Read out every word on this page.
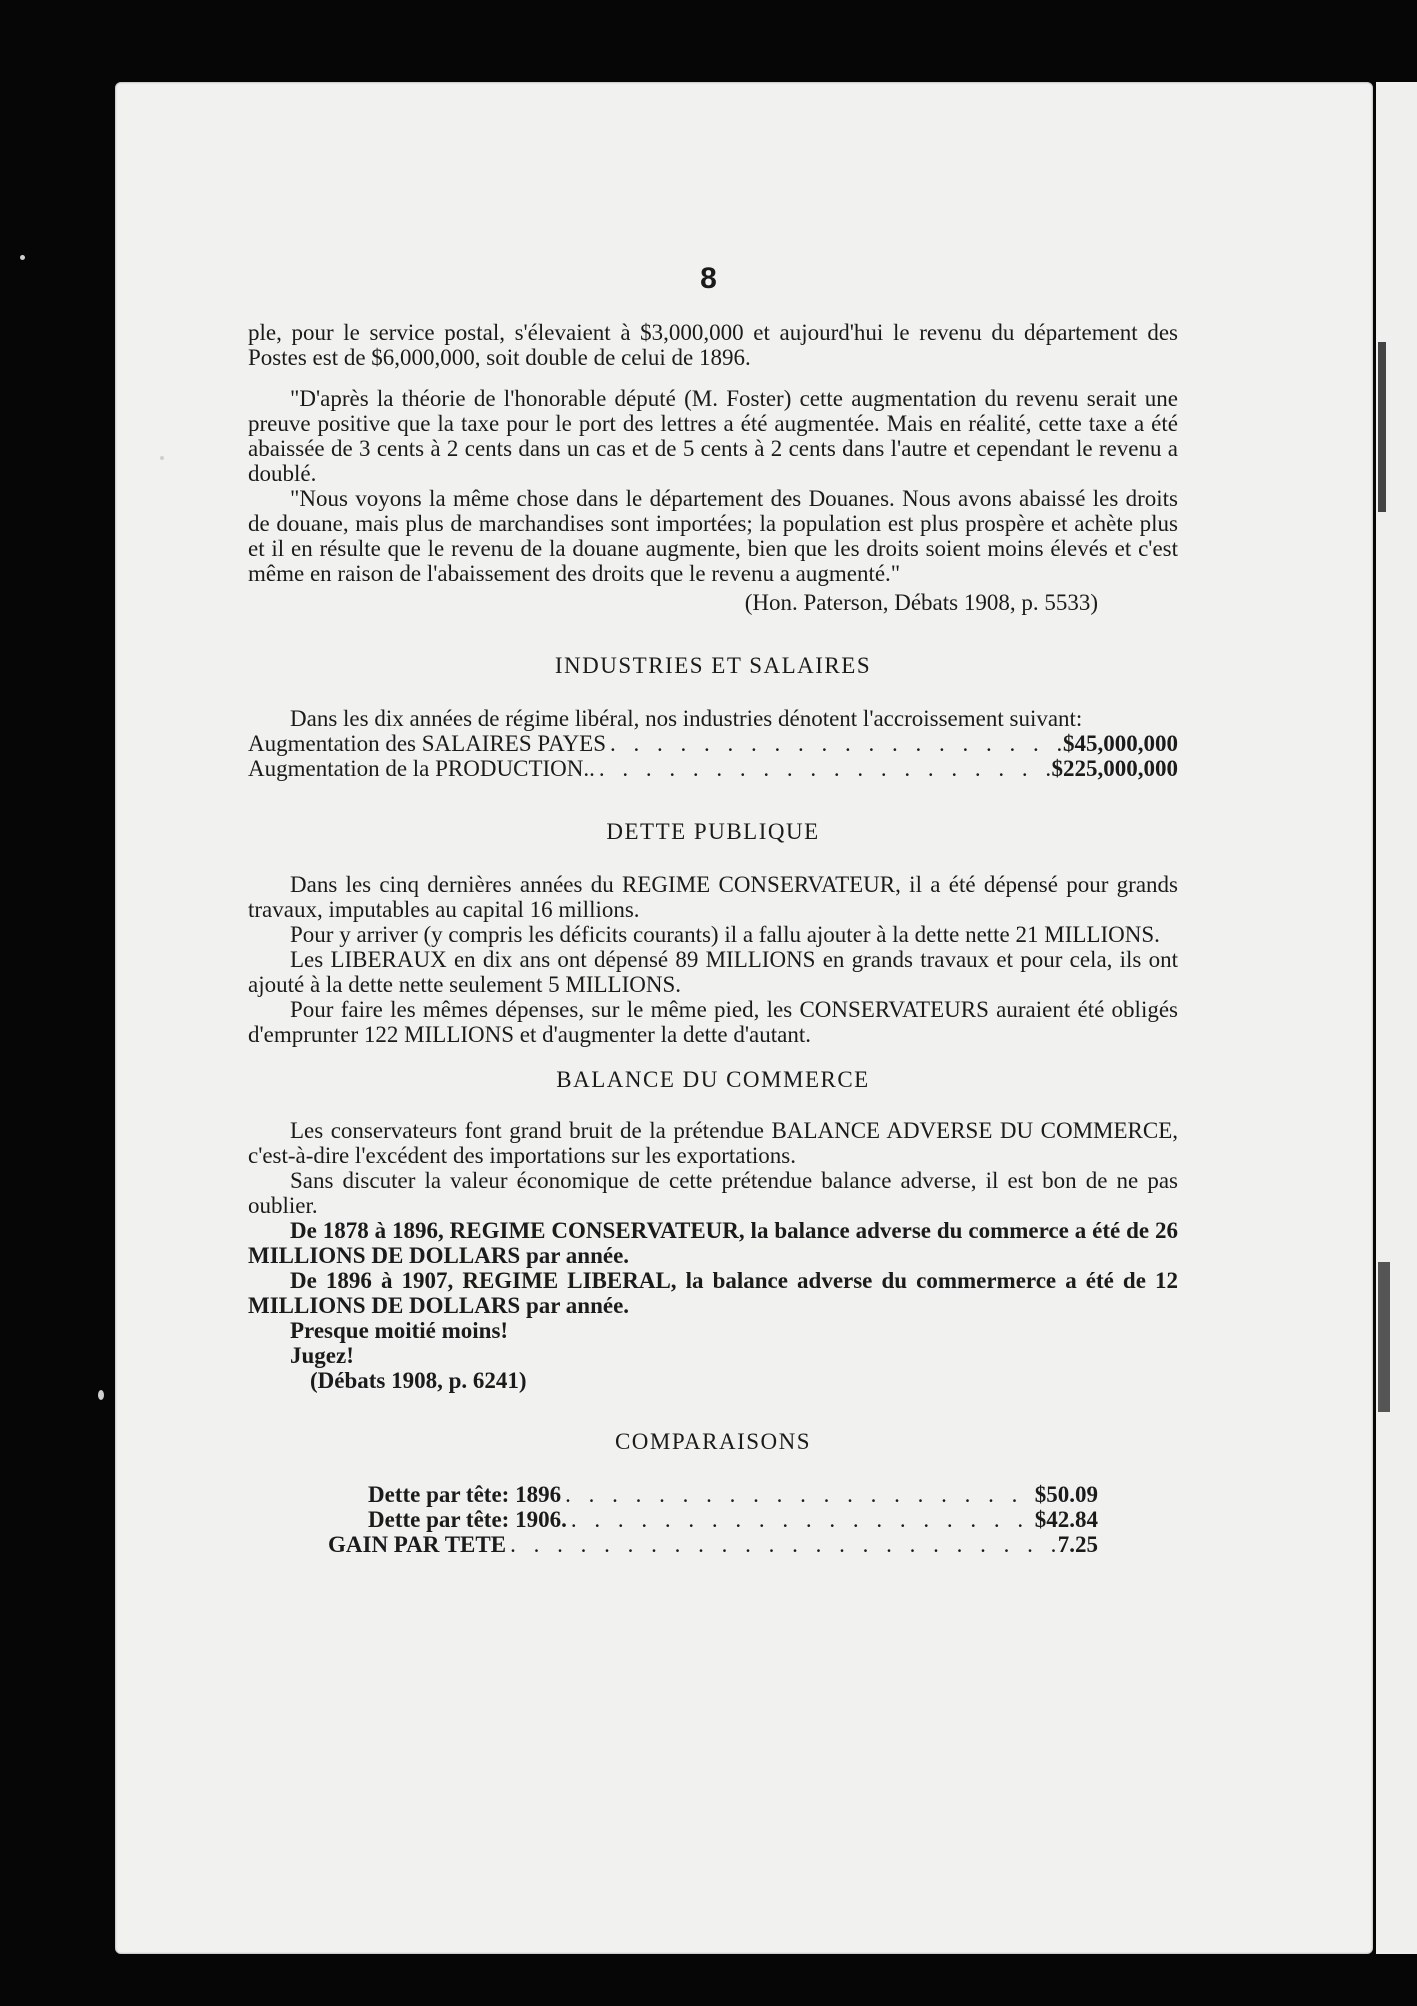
8

ple, pour le service postal, s'élevaient à $3,000,000 et aujourd'hui le revenu du département des Postes est de $6,000,000, soit double de celui de 1896.

"D'après la théorie de l'honorable député (M. Foster) cette augmentation du revenu serait une preuve positive que la taxe pour le port des lettres a été augmentée. Mais en réalité, cette taxe a été abaissée de 3 cents à 2 cents dans un cas et de 5 cents à 2 cents dans l'autre et cependant le revenu a doublé.

"Nous voyons la même chose dans le département des Douanes. Nous avons abaissé les droits de douane, mais plus de marchandises sont importées; la population est plus prospère et achète plus et il en résulte que le revenu de la douane augmente, bien que les droits soient moins élevés et c'est même en raison de l'abaissement des droits que le revenu a augmenté."

(Hon. Paterson, Débats 1908, p. 5533)

INDUSTRIES ET SALAIRES

Dans les dix années de régime libéral, nos industries dénotent l'accroissement suivant:

Augmentation des SALAIRES PAYES . . .	$45,000,000
Augmentation de la PRODUCTION.. . . .	$225,000,000
DETTE PUBLIQUE

Dans les cinq dernières années du REGIME CONSERVATEUR, il a été dépensé pour grands travaux, imputables au capital 16 millions.

Pour y arriver (y compris les déficits courants) il a fallu ajouter à la dette nette 21 MILLIONS.

Les LIBERAUX en dix ans ont dépensé 89 MILLIONS en grands travaux et pour cela, ils ont ajouté à la dette nette seulement 5 MILLIONS.

Pour faire les mêmes dépenses, sur le même pied, les CONSERVATEURS auraient été obligés d'emprunter 122 MILLIONS et d'augmenter la dette d'autant.

BALANCE DU COMMERCE

Les conservateurs font grand bruit de la prétendue BALANCE ADVERSE DU COMMERCE, c'est-à-dire l'excédent des importations sur les exportations.

Sans discuter la valeur économique de cette prétendue balance adverse, il est bon de ne pas oublier.

De 1878 à 1896, REGIME CONSERVATEUR, la balance adverse du commerce a été de 26 MILLIONS DE DOLLARS par année.

De 1896 à 1907, REGIME LIBERAL, la balance adverse du commermerce a été de 12 MILLIONS DE DOLLARS par année.

Presque moitié moins!

Jugez!

(Débats 1908, p. 6241)

COMPARAISONS
Dette par tête: 1896 . . .	$50.09
Dette par tête: 1906. . . .	$42.84
GAIN PAR TETE . . .	7.25
